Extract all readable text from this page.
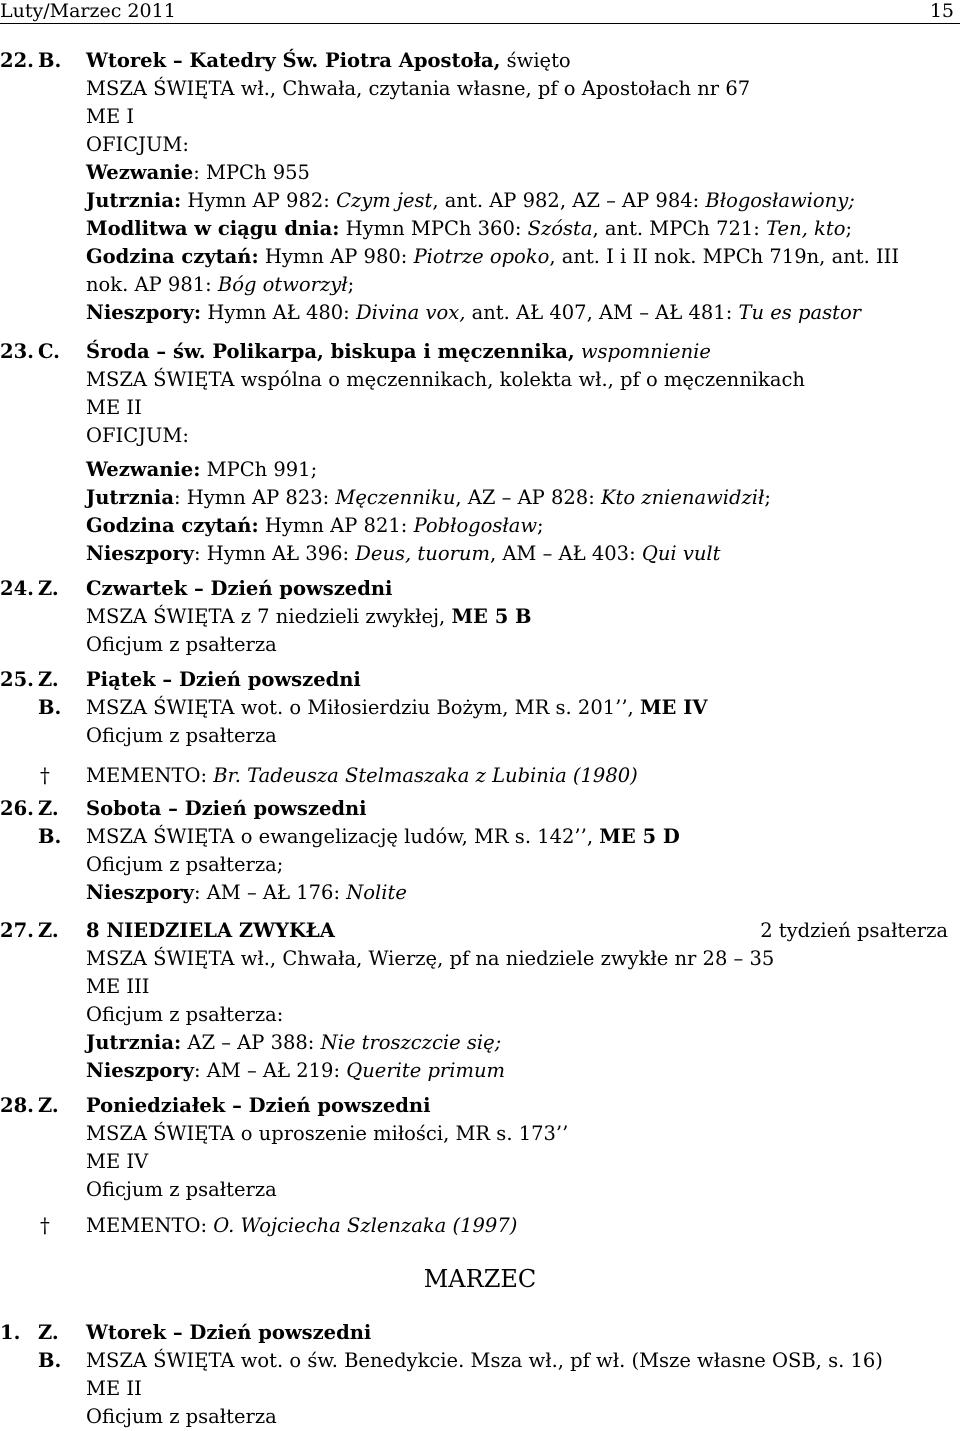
Luty/Marzec 2011	15
22. B. Wtorek – Katedry Św. Piotra Apostoła, święto
MSZA ŚWIĘTA wł., Chwała, czytania własne, pf o Apostołach nr 67
ME I
OFICJUM:
Wezwanie: MPCh 955
Jutrznia: Hymn AP 982: Czym jest, ant. AP 982, AZ – AP 984: Błogosławiony;
Modlitwa w ciągu dnia: Hymn MPCh 360: Szósta, ant. MPCh 721: Ten, kto;
Godzina czytań: Hymn AP 980: Piotrze opoko, ant. I i II nok. MPCh 719n, ant. III
nok. AP 981: Bóg otworzył;
Nieszpory: Hymn AŁ 480: Divina vox, ant. AŁ 407, AM – AŁ 481: Tu es pastor
23. C. Środa – św. Polikarpa, biskupa i męczennika, wspomnienie
MSZA ŚWIĘTA wspólna o męczennikach, kolekta wł., pf o męczennikach
ME II
OFICJUM:
Wezwanie: MPCh 991;
Jutrznia: Hymn AP 823: Męczenniku, AZ – AP 828: Kto znienawidził;
Godzina czytań: Hymn AP 821: Pobłogosław;
Nieszpory: Hymn AŁ 396: Deus, tuorum, AM – AŁ 403: Qui vult
24. Z. Czwartek – Dzień powszedni
MSZA ŚWIĘTA z 7 niedzieli zwykłej, ME 5 B
Oficjum z psałterza
25. Z. Piątek – Dzień powszedni
B. MSZA ŚWIĘTA wot. o Miłosierdziu Bożym, MR s. 201’’, ME IV
Oficjum z psałterza
† MEMENTO: Br. Tadeusza Stelmaszaka z Lubinia (1980)
26. Z. Sobota – Dzień powszedni
B. MSZA ŚWIĘTA o ewangelizację ludów, MR s. 142’’, ME 5 D
Oficjum z psałterza;
Nieszpory: AM – AŁ 176: Nolite
27. Z. 8 NIEDZIELA ZWYKŁA	2 tydzień psałterza
MSZA ŚWIĘTA wł., Chwała, Wierzę, pf na niedziele zwykłe nr 28 – 35
ME III
Oficjum z psałterza:
Jutrznia: AZ – AP 388: Nie troszczcie się;
Nieszpory: AM – AŁ 219: Querite primum
28. Z. Poniedziałek – Dzień powszedni
MSZA ŚWIĘTA o uproszenie miłości, MR s. 173’’
ME IV
Oficjum z psałterza
† MEMENTO: O. Wojciecha Szlenzaka (1997)
MARZEC
1. Z. Wtorek – Dzień powszedni
B. MSZA ŚWIĘTA wot. o św. Benedykcie. Msza wł., pf wł. (Msze własne OSB, s. 16)
ME II
Oficjum z psałterza
